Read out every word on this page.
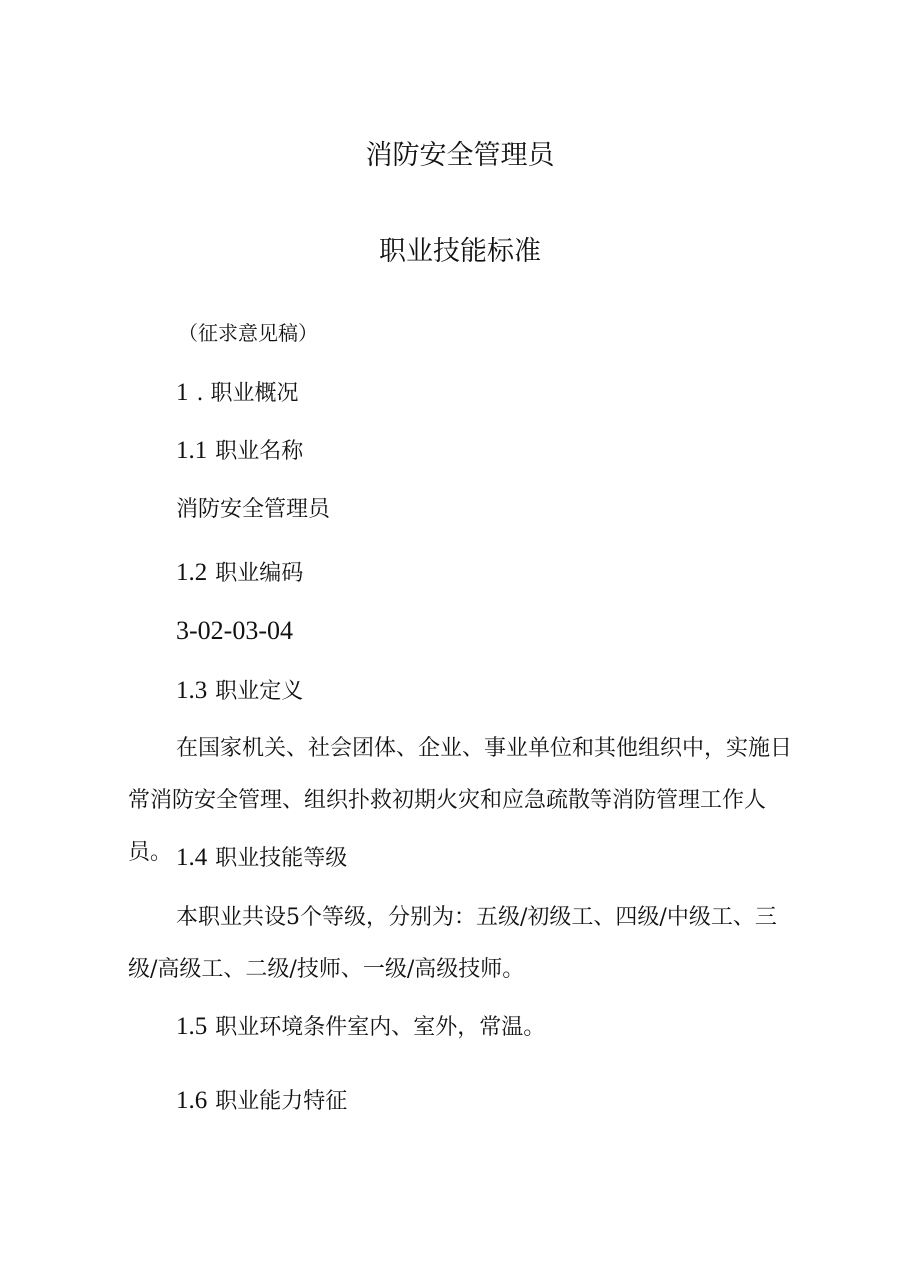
消防安全管理员
职业技能标准
（征求意见稿）
1 . 职业概况
1.1 职业名称
消防安全管理员
1.2 职业编码
3-02-03-04
1.3 职业定义
在国家机关、社会团体、企业、事业单位和其他组织中，实施日常消防安全管理、组织扑救初期火灾和应急疏散等消防管理工作人员。 1.4 职业技能等级
本职业共设5个等级，分别为：五级/初级工、四级/中级工、三级/高级工、二级/技师、一级/高级技师。
1.5 职业环境条件室内、室外，常温。
1.6 职业能力特征
